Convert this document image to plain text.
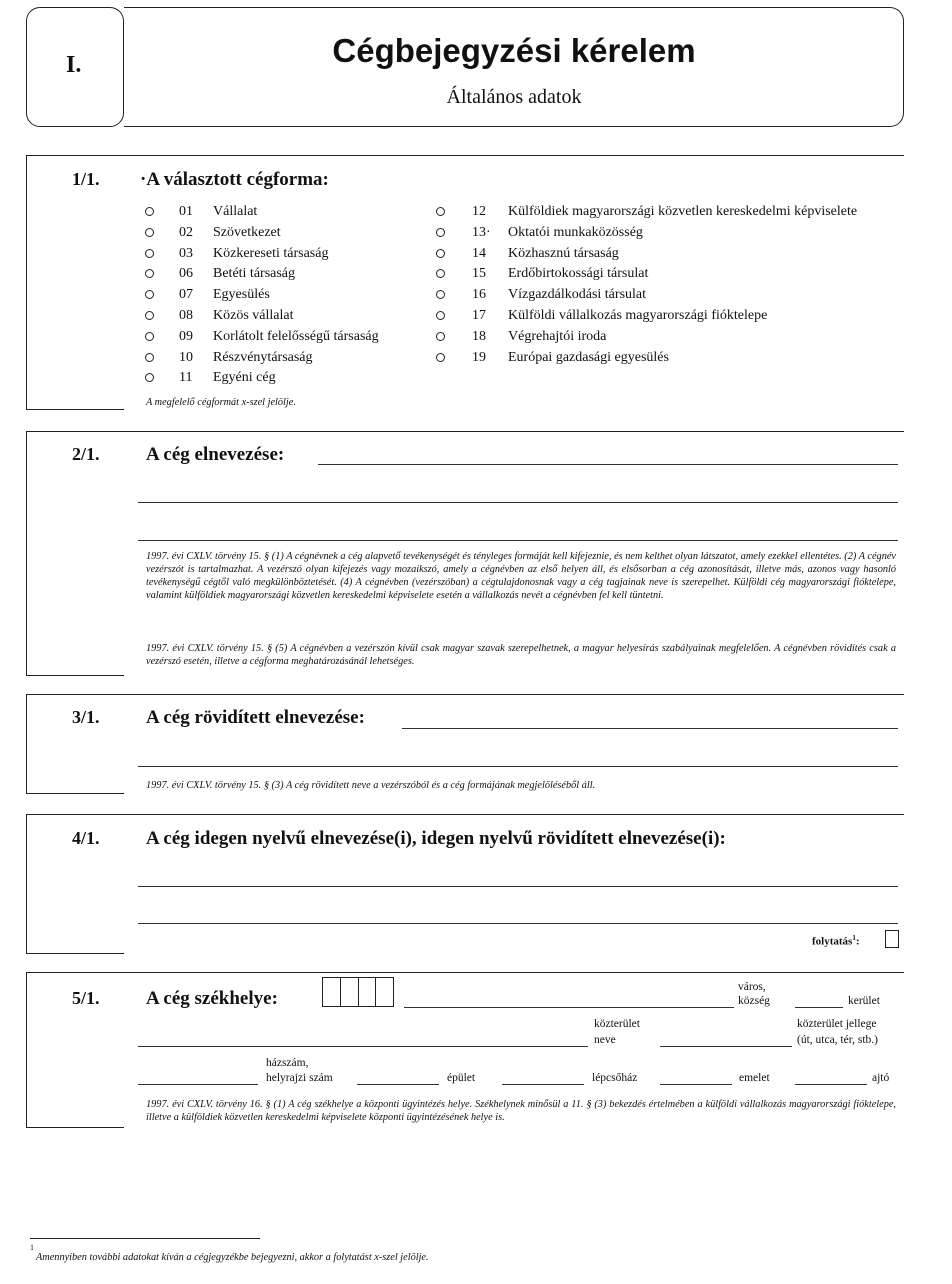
I.	Cégbejegyzési kérelem
Általános adatok
1/1. ·A választott cégforma:
01 Vállalat
02 Szövetkezet
03 Közkereseti társaság
06 Betéti társaság
07 Egyesülés
08 Közös vállalat
09 Korlátolt felelősségű társaság
10 Részvénytársaság
11 Egyéni cég
12 Külföldiek magyarországi közvetlen kereskedelmi képviselete
13· Oktatói munkaközösség
14 Közhasznú társaság
15 Erdőbirtokossági társulat
16 Vízgazdálkodási társulat
17 Külföldi vállalkozás magyarországi fióktelepe
18 Végrehajtói iroda
19 Európai gazdasági egyesülés
A megfelelő cégformát x-szel jelölje.
2/1. A cég elnevezése:
1997. évi CXLV. törvény 15. § (1) A cégnévnek a cég alapvető tevékenységét és tényleges formáját kell kifejeznie, és nem kelthet olyan látszatot, amely ezekkel ellentétes. (2) A cégnév vezérszót is tartalmazhat. A vezérszó olyan kifejezés vagy mozaikszó, amely a cégnévben az első helyen áll, és elsősorban a cég azonosítását, illetve más, azonos vagy hasonló tevékenységű cégtől való megkülönböztetését. (4) A cégnévben (vezérszóban) a cégtulajdonosnak vagy a cég tagjainak neve is szerepelhet. Külföldi cég magyarországi fióktelepe, valamint külföldiek magyarországi közvetlen kereskedelmi képviselete esetén a vállalkozás nevét a cégnévben fel kell tüntetni.
1997. évi CXLV. törvény 15. § (5) A cégnévben a vezérszón kívül csak magyar szavak szerepelhetnek, a magyar helyesírás szabályainak megfelelően. A cégnévben rövidítés csak a vezérszó esetén, illetve a cégforma meghatározásánál lehetséges.
3/1. A cég rövidített elnevezése:
1997. évi CXLV. törvény 15. § (3) A cég rövidített neve a vezérszóból és a cég formájának megjelöléséből áll.
4/1. A cég idegen nyelvű elnevezése(i), idegen nyelvű rövidített elnevezése(i):
folytatás$^1$:
5/1. A cég székhelye:
város,
község	kerület
közterület
neve
közterület jellege
(út, utca, tér, stb.)
házszám,
helyrajzi szám	épület	lépcsőház	emelet	ajtó
1997. évi CXLV. törvény 16. § (1) A cég székhelye a központi ügyintézés helye. Székhelynek minősül a 11. § (3) bekezdés értelmében a külföldi vállalkozás magyarországi fióktelepe, illetve a külföldiek közvetlen kereskedelmi képviselete központi ügyintézésének helye is.
1
Amennyiben további adatokat kíván a cégjegyzékbe bejegyezni, akkor a folytatást x-szel jelölje.
